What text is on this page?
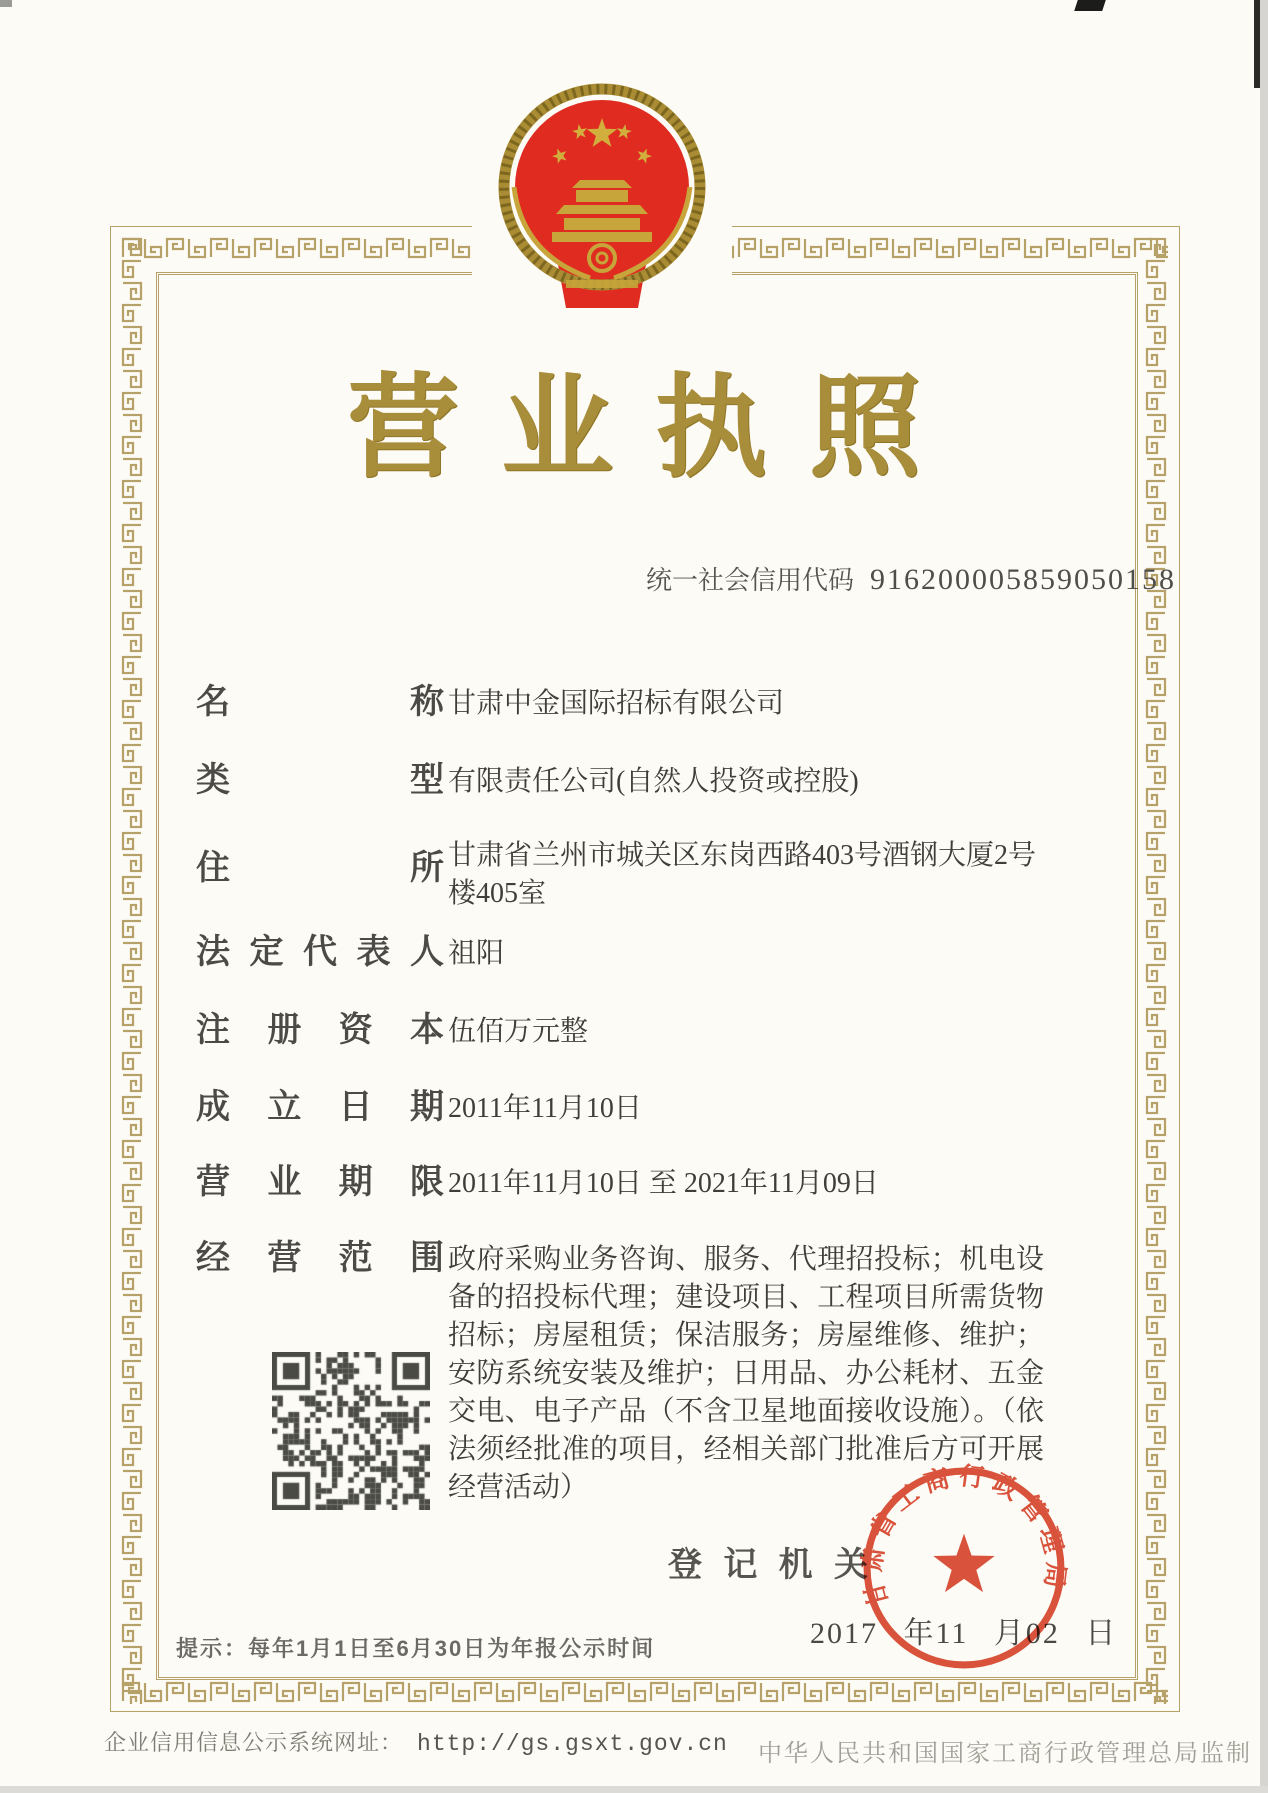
营业执照
统一社会信用代码 916200005859050158
名	称 甘肃中金国际招标有限公司
类	型 有限责任公司(自然人投资或控股)
住	所 甘肃省兰州市城关区东岗西路403号酒钢大厦2号楼405室
法 定 代 表 人 祖阳
注 册 资 本 伍佰万元整
成 立 日 期 2011年11月10日
营 业 期 限 2011年11月10日 至 2021年11月09日
经 营 范 围 政府采购业务咨询、服务、代理招投标；机电设备的招投标代理；建设项目、工程项目所需货物招标；房屋租赁；保洁服务；房屋维修、维护；安防系统安装及维护；日用品、办公耗材、五金交电、电子产品（不含卫星地面接收设施）。（依法须经批准的项目，经相关部门批准后方可开展经营活动）
登 记 机 关
2017 年11 月02 日
甘肃省工商行政管理局
提示：每年1月1日至6月30日为年报公示时间
企业信用信息公示系统网址： http://gs.gsxt.gov.cn 中华人民共和国国家工商行政管理总局监制
